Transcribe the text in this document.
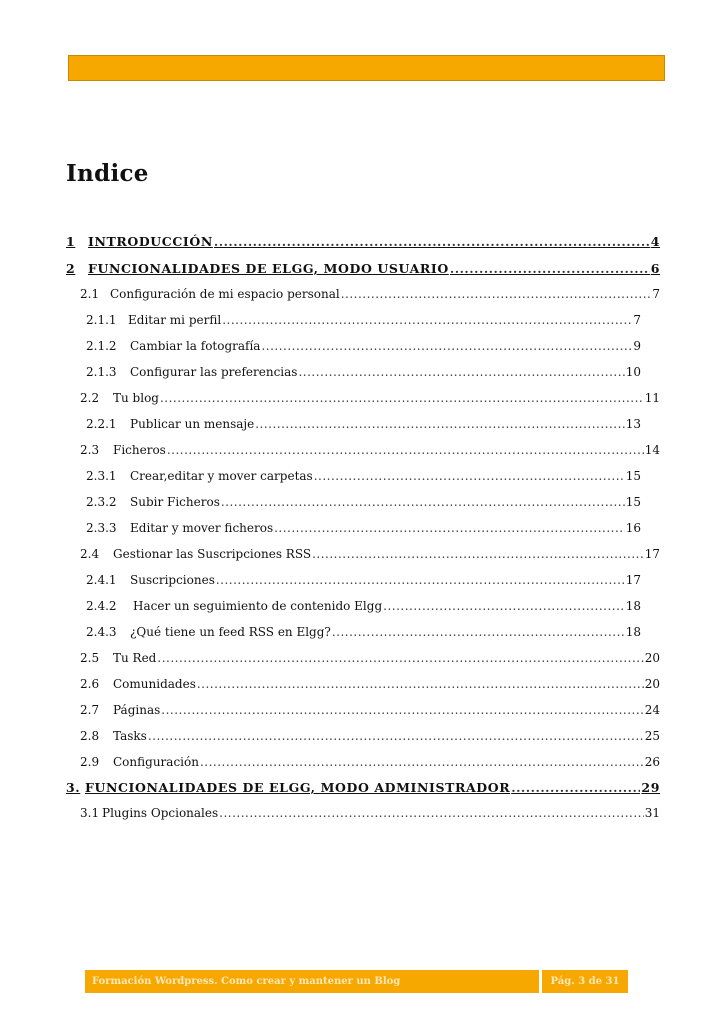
Indice
1	INTRODUCCIÓN .....	4
2	FUNCIONALIDADES DE ELGG, MODO USUARIO .....	6
2.1 Configuración de mi espacio personal .....	7
2.1.1 Editar mi perfil .....	7
2.1.2	Cambiar la fotografía .....	9
2.1.3	Configurar las preferencias .....	10
2.2	Tu blog .....	11
2.2.1	Publicar un mensaje .....	13
2.3	Ficheros .....	14
2.3.1	Crear,editar y mover carpetas .....	15
2.3.2	Subir Ficheros .....	15
2.3.3	Editar y mover ficheros .....	16
2.4	Gestionar las Suscripciones RSS .....	17
2.4.1	Suscripciones .....	17
2.4.2	Hacer un seguimiento de contenido Elgg .....	18
2.4.3	¿Qué tiene un feed RSS en Elgg? .....	18
2.5	Tu Red .....	20
2.6	Comunidades .....	20
2.7	Páginas .....	24
2.8	Tasks .....	25
2.9	Configuración .....	26
3. FUNCIONALIDADES DE ELGG, MODO ADMINISTRADOR .....	29
3.1 Plugins Opcionales .....	31
Formación Wordpress. Como crear y mantener un Blog	Pág. 3 de 31
